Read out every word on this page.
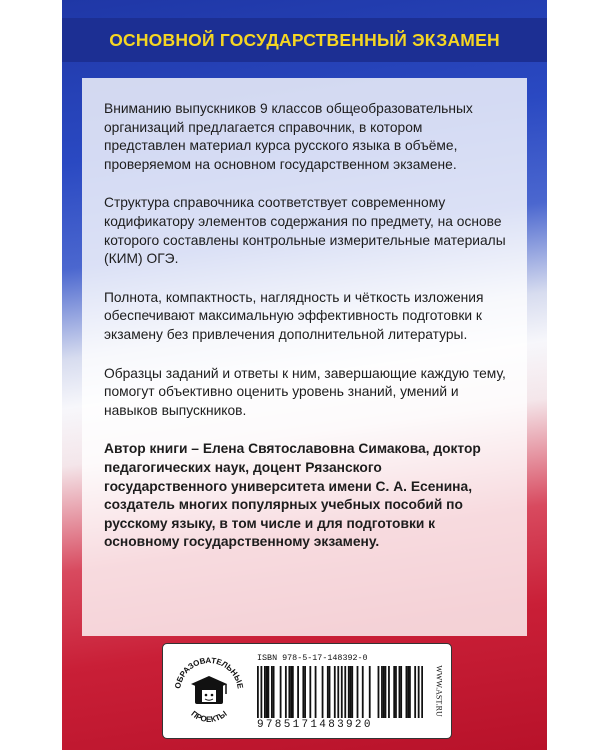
ОСНОВНОЙ ГОСУДАРСТВЕННЫЙ ЭКЗАМЕН

Вниманию выпускников 9 классов общеобразовательных организаций предлагается справочник, в котором представлен материал курса русского языка в объёме, проверяемом на основном государственном экзамене.

Структура справочника соответствует современному кодификатору элементов содержания по предмету, на основе которого составлены контрольные измерительные материалы (КИМ) ОГЭ.

Полнота, компактность, наглядность и чёткость изложения обеспечивают максимальную эффективность подготовки к экзамену без привлечения дополнительной литературы.

Образцы заданий и ответы к ним, завершающие каждую тему, помогут объективно оценить уровень знаний, умений и навыков выпускников.

Автор книги – Елена Святославовна Симакова, доктор педагогических наук, доцент Рязанского государственного университета имени С. А. Есенина, создатель многих популярных учебных пособий по русскому языку, в том числе и для подготовки к основному государственному экзамену.

ОБРАЗОВАТЕЛЬНЫЕ
ПРОЕКТЫ
ISBN 978-5-17-148392-0
9785171483920
WWW.AST.RU
